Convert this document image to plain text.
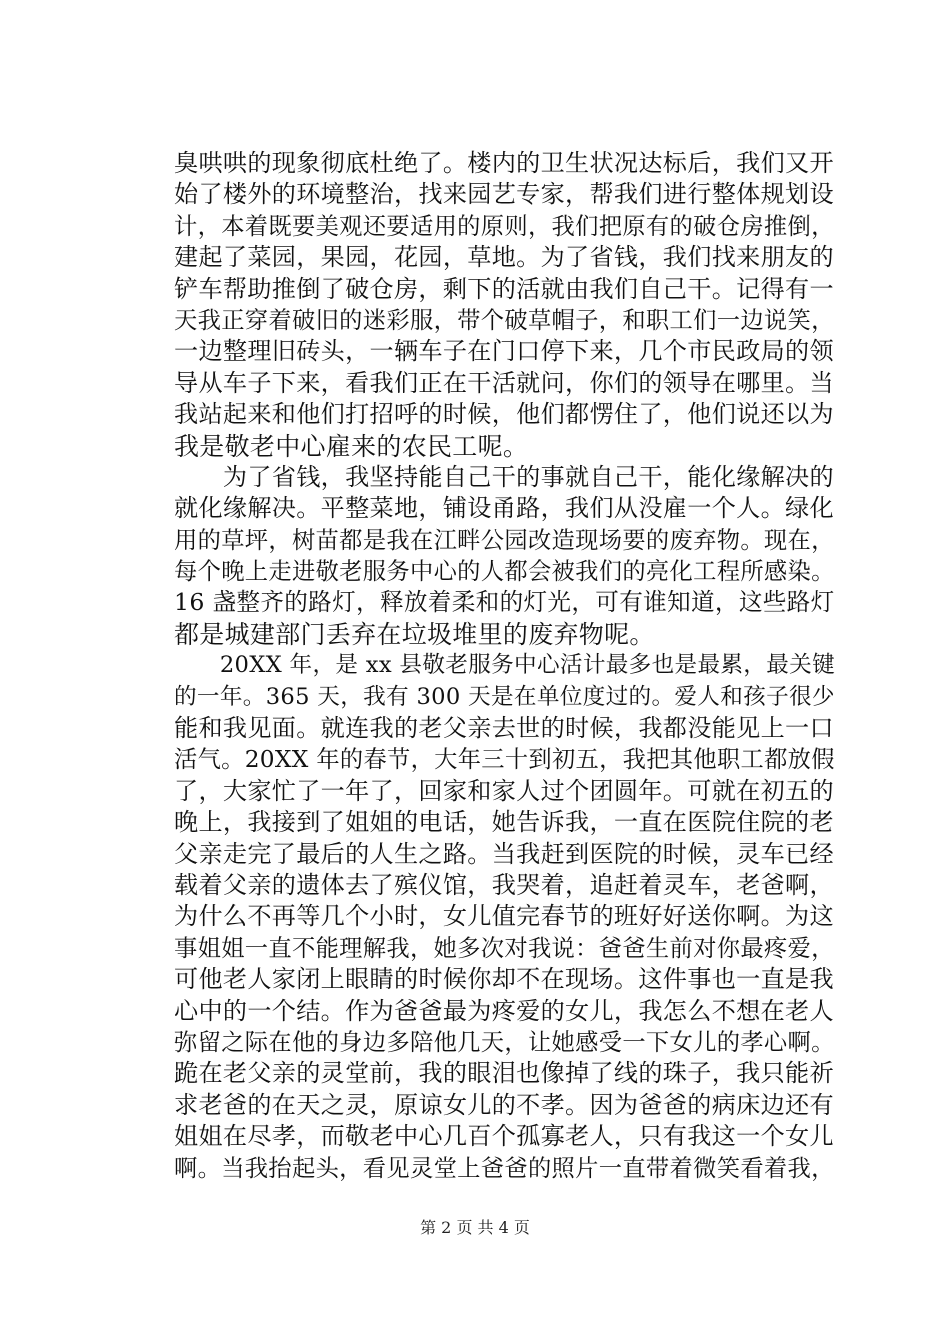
臭哄哄的现象彻底杜绝了。楼内的卫生状况达标后，我们又开
始了楼外的环境整治，找来园艺专家，帮我们进行整体规划设
计，本着既要美观还要适用的原则，我们把原有的破仓房推倒，
建起了菜园，果园，花园，草地。为了省钱，我们找来朋友的
铲车帮助推倒了破仓房，剩下的活就由我们自己干。记得有一
天我正穿着破旧的迷彩服，带个破草帽子，和职工们一边说笑，
一边整理旧砖头，一辆车子在门口停下来，几个市民政局的领
导从车子下来，看我们正在干活就问，你们的领导在哪里。当
我站起来和他们打招呼的时候，他们都愣住了，他们说还以为
我是敬老中心雇来的农民工呢。
　　为了省钱，我坚持能自己干的事就自己干，能化缘解决的
就化缘解决。平整菜地，铺设甬路，我们从没雇一个人。绿化
用的草坪，树苗都是我在江畔公园改造现场要的废弃物。现在，
每个晚上走进敬老服务中心的人都会被我们的亮化工程所感染。
16 盏整齐的路灯，释放着柔和的灯光，可有谁知道，这些路灯
都是城建部门丢弃在垃圾堆里的废弃物呢。
　　20XX 年，是 xx 县敬老服务中心活计最多也是最累，最关键
的一年。365 天，我有 300 天是在单位度过的。爱人和孩子很少
能和我见面。就连我的老父亲去世的时候，我都没能见上一口
活气。20XX 年的春节，大年三十到初五，我把其他职工都放假
了，大家忙了一年了，回家和家人过个团圆年。可就在初五的
晚上，我接到了姐姐的电话，她告诉我，一直在医院住院的老
父亲走完了最后的人生之路。当我赶到医院的时候，灵车已经
载着父亲的遗体去了殡仪馆，我哭着，追赶着灵车，老爸啊，
为什么不再等几个小时，女儿值完春节的班好好送你啊。为这
事姐姐一直不能理解我，她多次对我说：爸爸生前对你最疼爱，
可他老人家闭上眼睛的时候你却不在现场。这件事也一直是我
心中的一个结。作为爸爸最为疼爱的女儿，我怎么不想在老人
弥留之际在他的身边多陪他几天，让她感受一下女儿的孝心啊。
跪在老父亲的灵堂前，我的眼泪也像掉了线的珠子，我只能祈
求老爸的在天之灵，原谅女儿的不孝。因为爸爸的病床边还有
姐姐在尽孝，而敬老中心几百个孤寡老人，只有我这一个女儿
啊。当我抬起头，看见灵堂上爸爸的照片一直带着微笑看着我，
第 2 页 共 4 页
